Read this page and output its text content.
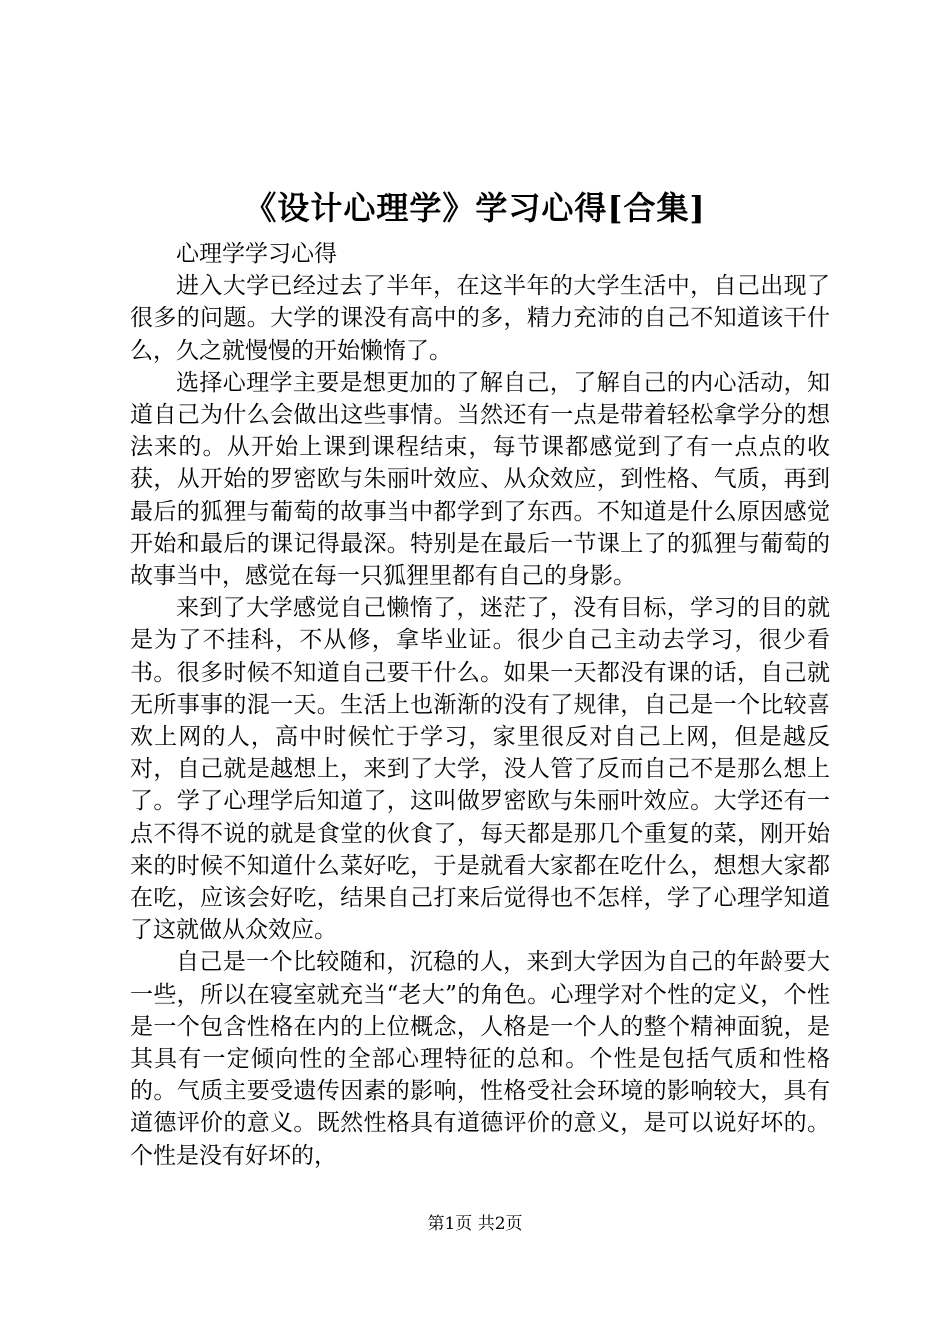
《设计心理学》学习心得[合集]

心理学学习心得

进入大学已经过去了半年，在这半年的大学生活中，自己出现了很多的问题。大学的课没有高中的多，精力充沛的自己不知道该干什么，久之就慢慢的开始懒惰了。

选择心理学主要是想更加的了解自己，了解自己的内心活动，知道自己为什么会做出这些事情。当然还有一点是带着轻松拿学分的想法来的。从开始上课到课程结束，每节课都感觉到了有一点点的收获，从开始的罗密欧与朱丽叶效应、从众效应，到性格、气质，再到最后的狐狸与葡萄的故事当中都学到了东西。不知道是什么原因感觉开始和最后的课记得最深。特别是在最后一节课上了的狐狸与葡萄的故事当中，感觉在每一只狐狸里都有自己的身影。

来到了大学感觉自己懒惰了，迷茫了，没有目标，学习的目的就是为了不挂科，不从修，拿毕业证。很少自己主动去学习，很少看书。很多时候不知道自己要干什么。如果一天都没有课的话，自己就无所事事的混一天。生活上也渐渐的没有了规律，自己是一个比较喜欢上网的人，高中时候忙于学习，家里很反对自己上网，但是越反对，自己就是越想上，来到了大学，没人管了反而自己不是那么想上了。学了心理学后知道了，这叫做罗密欧与朱丽叶效应。大学还有一点不得不说的就是食堂的伙食了，每天都是那几个重复的菜，刚开始来的时候不知道什么菜好吃，于是就看大家都在吃什么，想想大家都在吃，应该会好吃，结果自己打来后觉得也不怎样，学了心理学知道了这就做从众效应。

自己是一个比较随和，沉稳的人，来到大学因为自己的年龄要大一些，所以在寝室就充当“老大”的角色。心理学对个性的定义，个性是一个包含性格在内的上位概念，人格是一个人的整个精神面貌，是其具有一定倾向性的全部心理特征的总和。个性是包括气质和性格的。气质主要受遗传因素的影响，性格受社会环境的影响较大，具有道德评价的意义。既然性格具有道德评价的意义，是可以说好坏的。个性是没有好坏的，

第1页 共2页
